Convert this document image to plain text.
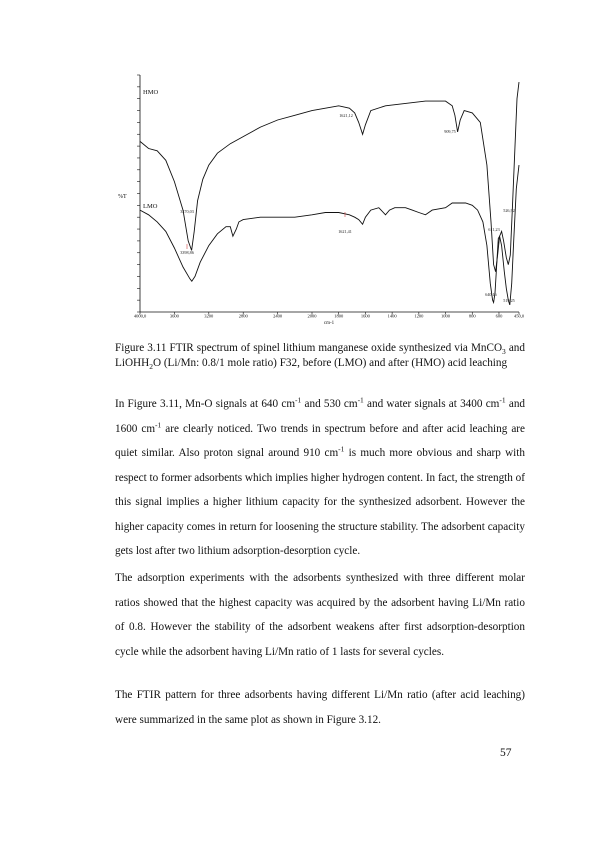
%T
cm-1
1621,12
909,75
3370,03
3398,86
1621,41	611,23
526,92
640,16
519,25
4000,0	3600	3200	2800	2400	2000	1800	1600	1400	1200	1000	800	600	450,0
HMO
LMO
Figure 3.11 FTIR spectrum of spinel lithium manganese oxide synthesized via MnCO$_3$ and LiOHH$_2$O (Li/Mn: 0.8/1 mole ratio) F32, before (LMO) and after (HMO) acid leaching

In Figure 3.11, Mn-O signals at 640 $cm^{-1}$ and 530 $cm^{-1}$ and water signals at 3400 $cm^{-1}$ and 1600 $cm^{-1}$ are clearly noticed. Two trends in spectrum before and after acid leaching are quiet similar. Also proton signal around 910 $cm^{-1}$ is much more obvious and sharp with respect to former adsorbents which implies higher hydrogen content. In fact, the strength of this signal implies a higher lithium capacity for the synthesized adsorbent. However the higher capacity comes in return for loosening the structure stability. The adsorbent capacity gets lost after two lithium adsorption-desorption cycle.

The adsorption experiments with the adsorbents synthesized with three different molar ratios showed that the highest capacity was acquired by the adsorbent having Li/Mn ratio of 0.8. However the stability of the adsorbent weakens after first adsorption-desorption cycle while the adsorbent having Li/Mn ratio of 1 lasts for several cycles.

The FTIR pattern for three adsorbents having different Li/Mn ratio (after acid leaching) were summarized in the same plot as shown in Figure 3.12.

57
